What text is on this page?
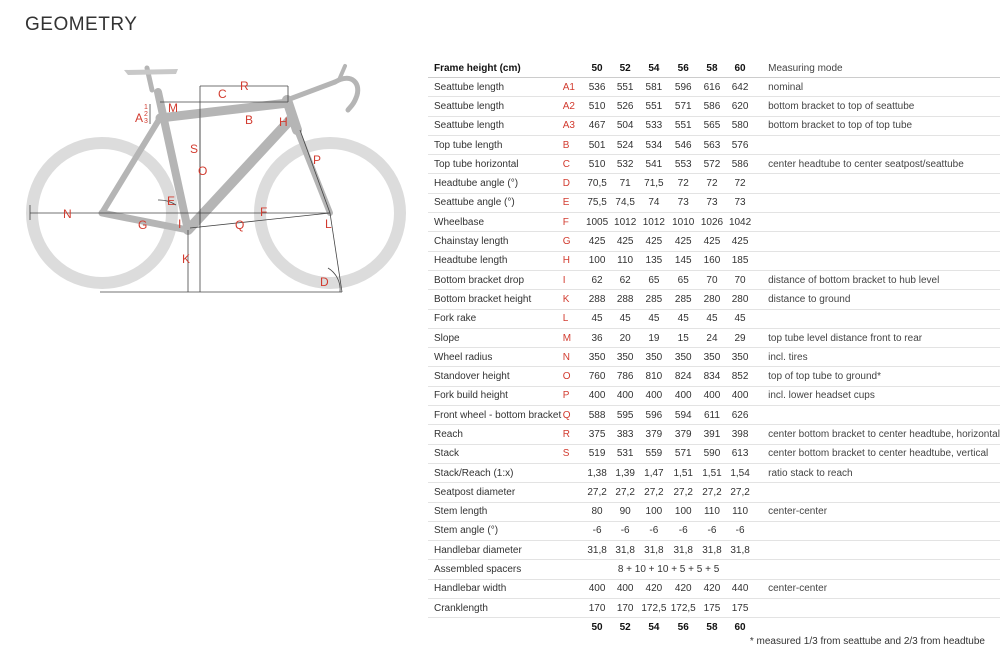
GEOMETRY
R
C
M
A
1
2
3	B H
S
O
P
E
N
G	I	Q
F
L
K
D
Frame height (cm)		50	52	54	56	58	60	Measuring mode
Seattube length	A1	536	551	581	596	616	642	nominal
Seattube length	A2	510	526	551	571	586	620	bottom bracket to top of seattube
Seattube length	A3	467	504	533	551	565	580	bottom bracket to top of top tube
Top tube length	B	501	524	534	546	563	576	
Top tube horizontal	C	510	532	541	553	572	586	center headtube to center seatpost/seattube
Headtube angle (°)	D	70,5	71	71,5	72	72	72	
Seattube angle (°)	E	75,5	74,5	74	73	73	73	
Wheelbase	F	1005	1012	1012	1010	1026	1042	
Chainstay length	G	425	425	425	425	425	425	
Headtube length	H	100	110	135	145	160	185	
Bottom bracket drop	I	62	62	65	65	70	70	distance of bottom bracket to hub level
Bottom bracket height	K	288	288	285	285	280	280	distance to ground
Fork rake	L	45	45	45	45	45	45	
Slope	M	36	20	19	15	24	29	top tube level distance front to rear
Wheel radius	N	350	350	350	350	350	350	incl. tires
Standover height	O	760	786	810	824	834	852	top of top tube to ground*
Fork build height	P	400	400	400	400	400	400	incl. lower headset cups
Front wheel - bottom bracket	Q	588	595	596	594	611	626	
Reach	R	375	383	379	379	391	398	center bottom bracket to center headtube, horizontal
Stack	S	519	531	559	571	590	613	center bottom bracket to center headtube, vertical
Stack/Reach (1:x)		1,38	1,39	1,47	1,51	1,51	1,54	ratio stack to reach
Seatpost diameter		27,2	27,2	27,2	27,2	27,2	27,2	
Stem length		80	90	100	100	110	110	center-center
Stem angle (°)		-6	-6	-6	-6	-6	-6	
Handlebar diameter		31,8	31,8	31,8	31,8	31,8	31,8	
Assembled spacers		8 + 10 + 10 + 5 + 5 + 5						
Handlebar width		400	400	420	420	420	440	center-center
Cranklength		170	170	172,5	172,5	175	175	
		50	52	54	56	58	60	
* measured 1/3 from seattube and 2/3 from headtube
